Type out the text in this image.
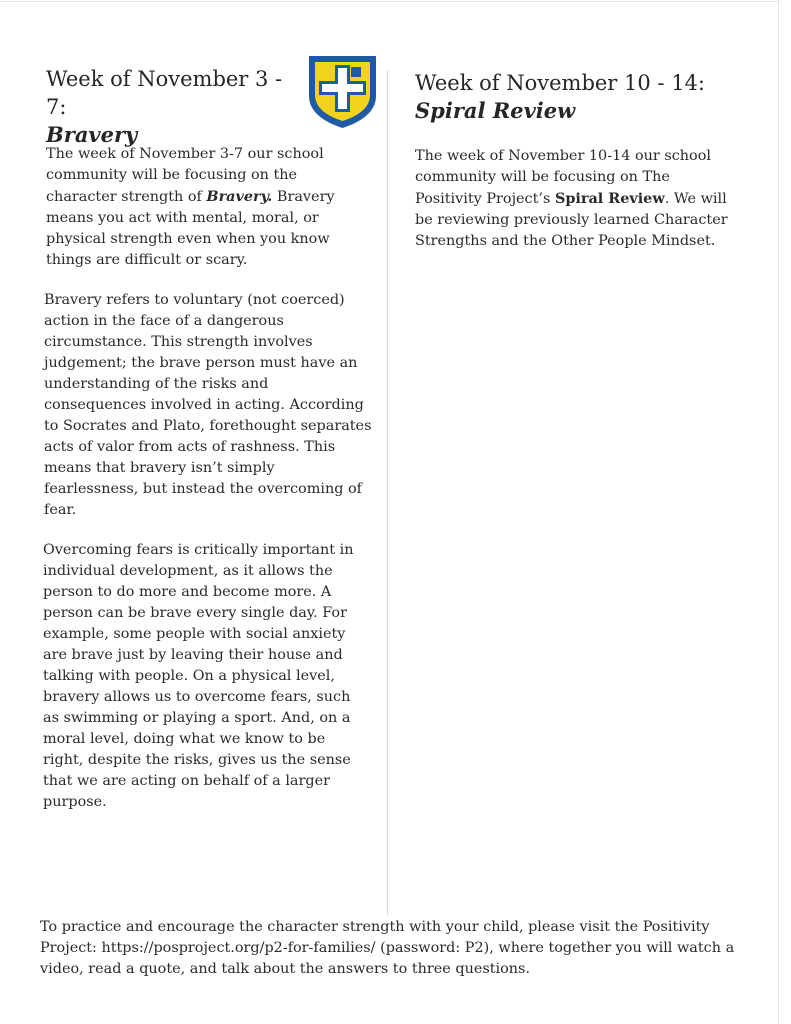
Week of November 3 - 7:
Bravery

The week of November 3-7 our school
community will be focusing on the
character strength of Bravery. Bravery
means you act with mental, moral, or
physical strength even when you know
things are difficult or scary.

Bravery refers to voluntary (not coerced)
action in the face of a dangerous
circumstance. This strength involves
judgement; the brave person must have an
understanding of the risks and
consequences involved in acting. According
to Socrates and Plato, forethought separates
acts of valor from acts of rashness. This
means that bravery isn’t simply
fearlessness, but instead the overcoming of
fear.

Overcoming fears is critically important in
individual development, as it allows the
person to do more and become more. A
person can be brave every single day. For
example, some people with social anxiety
are brave just by leaving their house and
talking with people. On a physical level,
bravery allows us to overcome fears, such
as swimming or playing a sport. And, on a
moral level, doing what we know to be
right, despite the risks, gives us the sense
that we are acting on behalf of a larger
purpose.

Week of November 10 - 14:
Spiral Review

The week of November 10-14 our school
community will be focusing on The
Positivity Project’s Spiral Review. We will
be reviewing previously learned Character
Strengths and the Other People Mindset.

To practice and encourage the character strength with your child, please visit the Positivity
Project: https://posproject.org/p2-for-families/ (password: P2), where together you will watch a
video, read a quote, and talk about the answers to three questions.
